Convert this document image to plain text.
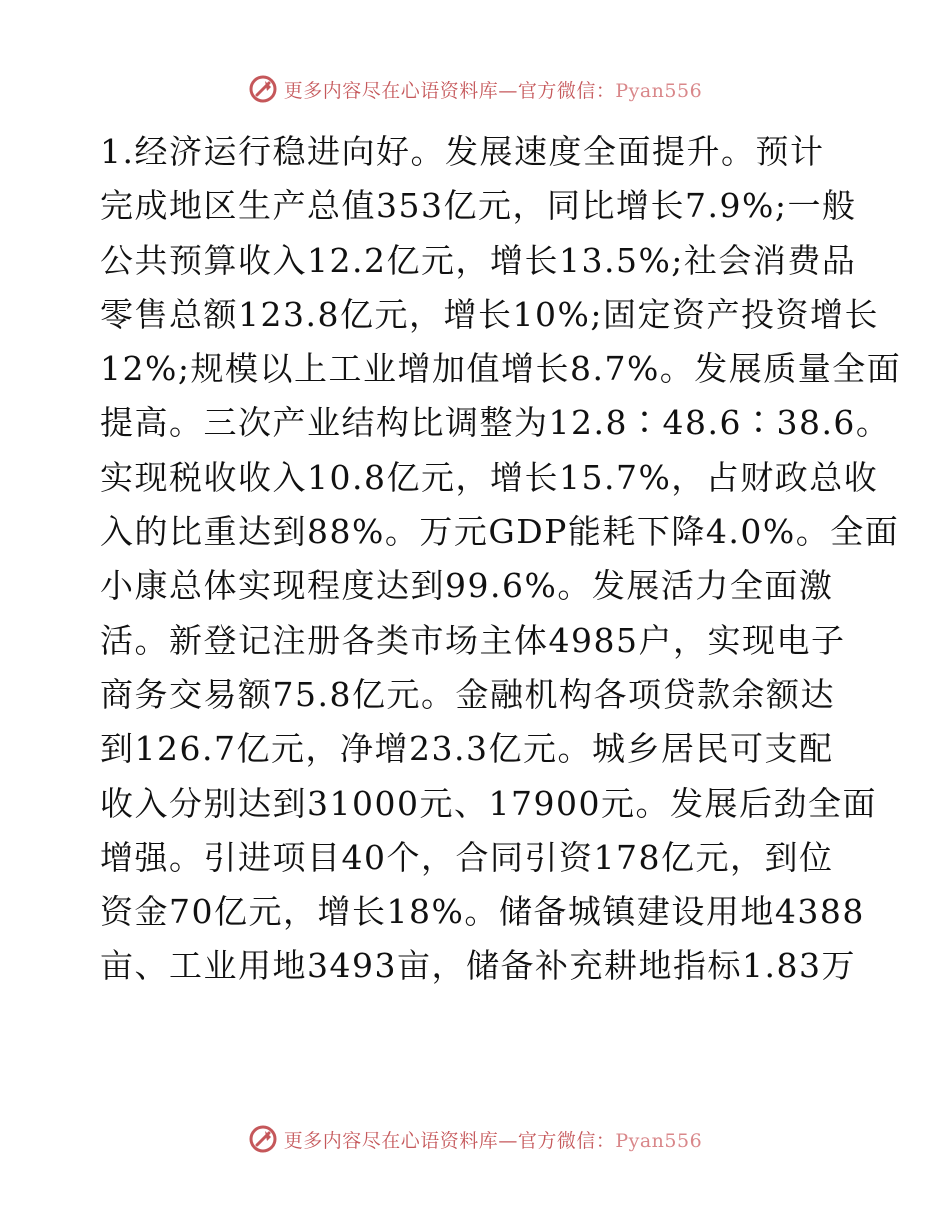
更多内容尽在心语资料库—官方微信：Pyan556
1.经济运行稳进向好。发展速度全面提升。预计
完成地区生产总值353亿元，同比增长7.9%;一般
公共预算收入12.2亿元，增长13.5%;社会消费品
零售总额123.8亿元，增长10%;固定资产投资增长
12%;规模以上工业增加值增长8.7%。发展质量全面
提高。三次产业结构比调整为12.8∶48.6∶38.6。
实现税收收入10.8亿元，增长15.7%，占财政总收
入的比重达到88%。万元GDP能耗下降4.0%。全面
小康总体实现程度达到99.6%。发展活力全面激
活。新登记注册各类市场主体4985户，实现电子
商务交易额75.8亿元。金融机构各项贷款余额达
到126.7亿元，净增23.3亿元。城乡居民可支配
收入分别达到31000元、17900元。发展后劲全面
增强。引进项目40个，合同引资178亿元，到位
资金70亿元，增长18%。储备城镇建设用地4388
亩、工业用地3493亩，储备补充耕地指标1.83万
更多内容尽在心语资料库—官方微信：Pyan556
